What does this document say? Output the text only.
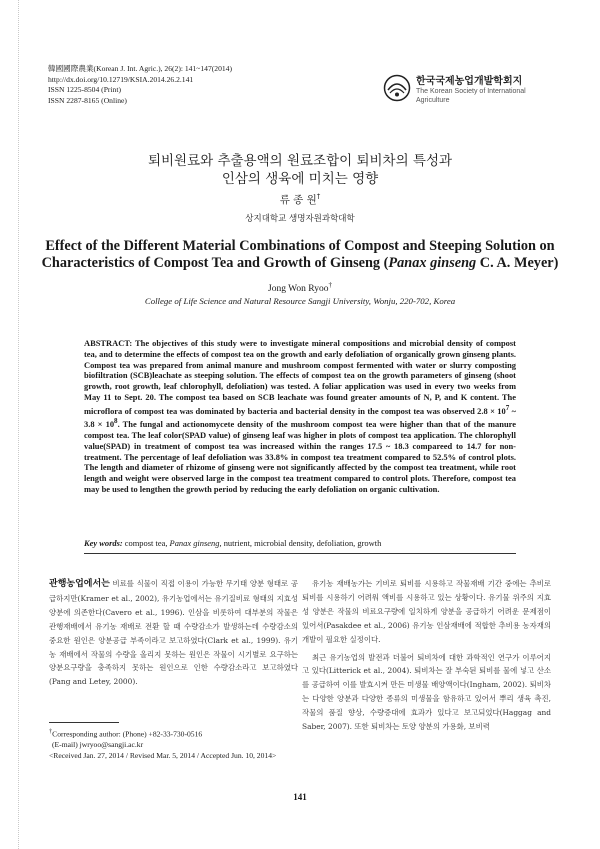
韓國國際農業(Korean J. Int. Agric.), 26(2): 141~147(2014)
http://dx.doi.org/10.12719/KSIA.2014.26.2.141
ISSN 1225-8504 (Print)
ISSN 2287-8165 (Online)
한국국제농업개발학회지
The Korean Society of International
Agriculture
퇴비원료와 추출용액의 원료조합이 퇴비차의 특성과
인삼의 생육에 미치는 영향
류 종 원†
상지대학교 생명자원과학대학
Effect of the Different Material Combinations of Compost and Steeping Solution on
Characteristics of Compost Tea and Growth of Ginseng (Panax ginseng C. A. Meyer)
Jong Won Ryoo†
College of Life Science and Natural Resource Sangji University, Wonju, 220-702, Korea
ABSTRACT: The objectives of this study were to investigate mineral compositions and microbial density of compost tea, and to determine the effects of compost tea on the growth and early defoliation of organically grown ginseng plants. Compost tea was prepared from animal manure and mushroom compost fermented with water or slurry composting biofiltration (SCB)leachate as steeping solution. The effects of compost tea on the growth parameters of ginseng (shoot growth, root growth, leaf chlorophyll, defoliation) was tested. A foliar application was used in every two weeks from May 11 to Sept. 20. The compost tea based on SCB leachate was found greater amounts of N, P, and K content. The microflora of compost tea was dominated by bacteria and bacterial density in the compost tea was observed $2.8 \times 10^7$ ~ $3.8 \times 10^8$. The fungal and actionomycete density of the mushroom compost tea were higher than that of the manure compost tea. The leaf color(SPAD value) of ginseng leaf was higher in plots of compost tea application. The chlorophyll value(SPAD) in treatment of compost tea was increased within the ranges 17.5 ~ 18.3 compareed to 14.7 for non-treatment. The percentage of leaf defoliation was 33.8% in compost tea treatment compared to 52.5% of control plots. The length and diameter of rhizome of ginseng were not significantly affected by the compost tea treatment, while root length and weight were observed large in the compost tea treatment compared to control plots. Therefore, compost tea may be used to lengthen the growth period by reducing the early defoliation on organic cultivation.
Key words: compost tea, Panax ginseng, nutrient, microbial density, defoliation, growth
관행농업에서는 비료를 식물이 직접 이용이 가능한 무기태 양분 형태로 공급하지만(Kramer et al., 2002), 유기농업에서는 유기질비료 형태의 지효성 양분에 의존한다(Cavero et al., 1996). 인삼을 비롯하여 대부분의 작물은 관행재배에서 유기농 재배로 전환 할 때 수량감소가 발생하는데 수량감소의 중요한 원인은 양분공급 부족이라고 보고하였다(Clark et al., 1999). 유기농 재배에서 작물의 수량을 올리지 못하는 원인은 작물이 시기별로 요구하는 양분요구량을 충족하지 못하는 원인으로 인한 수량감소라고 보고하였다(Pang and Letey, 2000).
유기농 재배농가는 기비로 퇴비를 시용하고 작물재배 기간 중에는 추비로 퇴비를 시용하기 어려워 액비를 시용하고 있는 상황이다. 유기물 위주의 지효성 양분은 작물의 비료요구량에 일치하게 양분을 공급하기 어려운 문제점이 있어서(Pasakdee et al., 2006) 유기농 인삼재배에 적합한 추비용 농자재의 개발이 필요한 실정이다.
최근 유기농업의 발전과 더불어 퇴비차에 대한 과학적인 연구가 이루어지고 있다(Litterick et al., 2004). 퇴비차는 잘 부숙된 퇴비를 물에 넣고 산소를 공급하여 이를 발효시켜 만든 미생물 배양액이다(Ingham, 2002). 퇴비차는 다양한 양분과 다양한 종류의 미생물을 함유하고 있어서 뿌리 생육 촉진, 작물의 품질 향상, 수량증대에 효과가 있다고 보고되었다(Haggag and Saber, 2007). 또한 퇴비차는 토양 양분의 가용화, 보비력
†Corresponding author: (Phone) +82-33-730-0516
(E-mail) jwryoo@sangji.ac.kr
<Received Jan. 27, 2014 / Revised Mar. 5, 2014 / Accepted Jun. 10, 2014>
141
